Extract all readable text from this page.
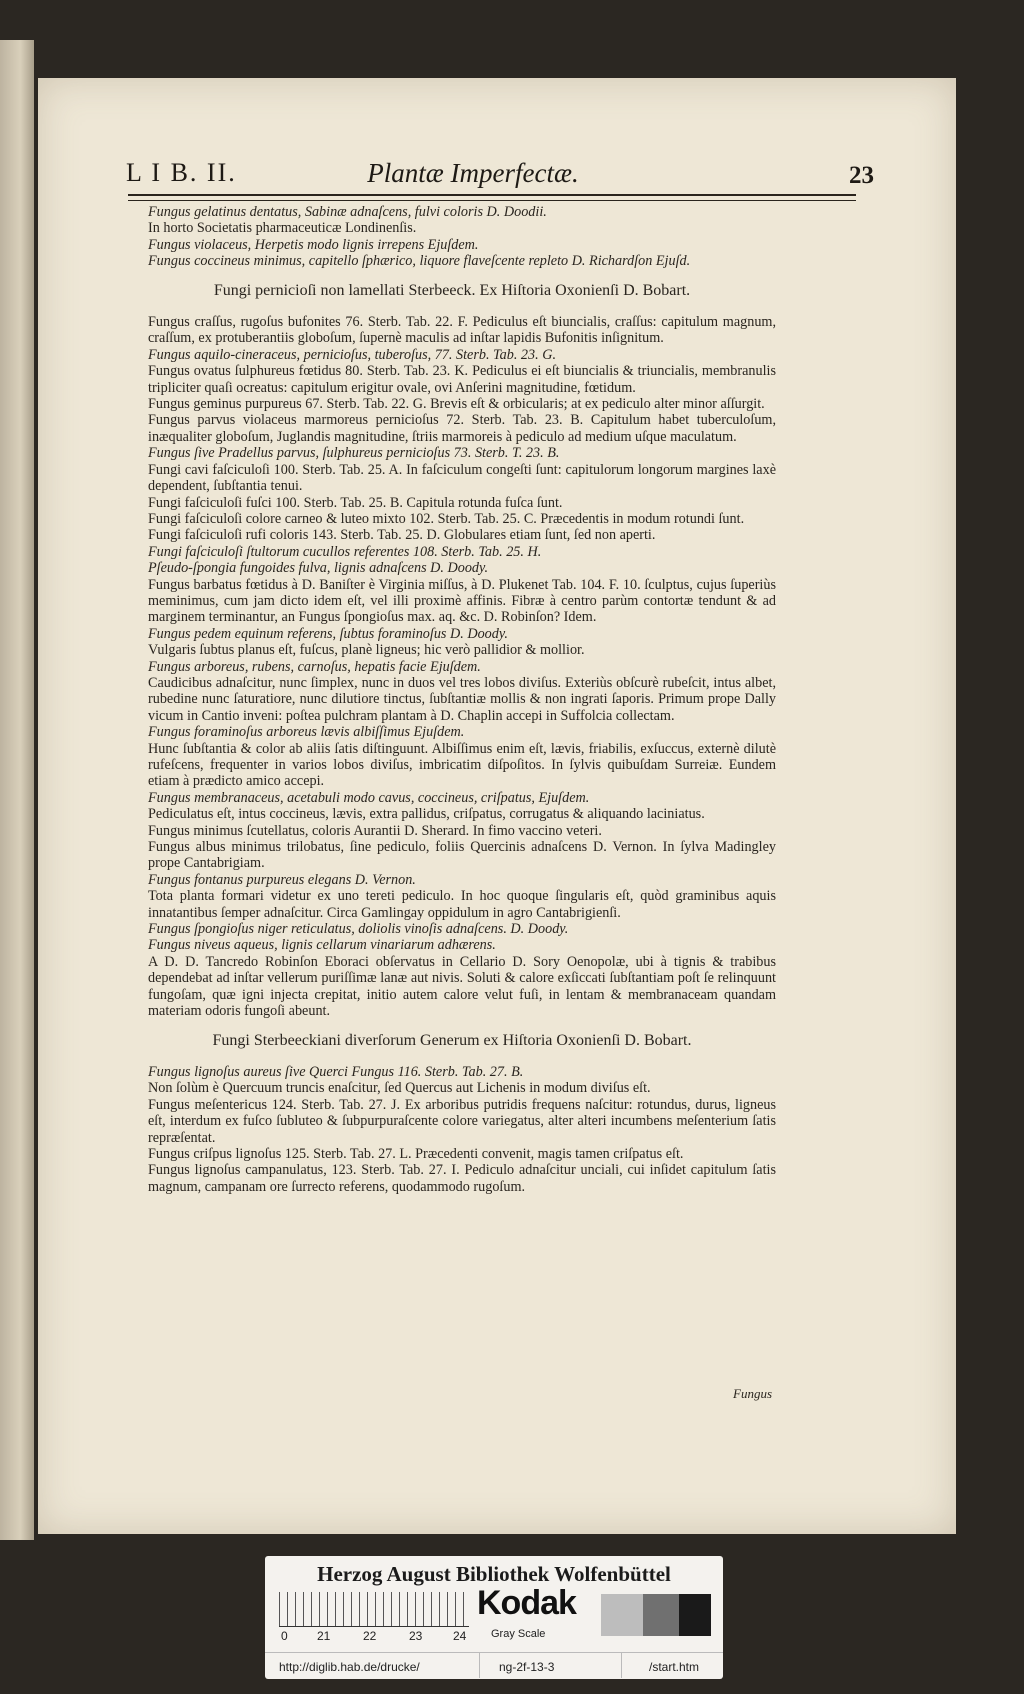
L I B. II.	Plantæ Imperfectæ.	23

Fungus gelatinus dentatus, Sabinæ adnaſcens, fulvi coloris D. Doodii.

In horto Societatis pharmaceuticæ Londinenſis.

Fungus violaceus, Herpetis modo lignis irrepens Ejuſdem.

Fungus coccineus minimus, capitello ſphærico, liquore flaveſcente repleto D. Richardſon Ejuſd.

Fungi pernicioſi non lamellati Sterbeeck. Ex Hiſtoria Oxonienſi D. Bobart.

Fungus craſſus, rugoſus bufonites 76. Sterb. Tab. 22. F. Pediculus eſt biuncialis, craſſus: capitulum magnum, craſſum, ex protuberantiis globoſum, ſupernè maculis ad inſtar lapidis Bufonitis inſignitum.

Fungus aquilo-cineraceus, pernicioſus, tuberoſus, 77. Sterb. Tab. 23. G.

Fungus ovatus ſulphureus fœtidus 80. Sterb. Tab. 23. K. Pediculus ei eſt biuncialis & triuncialis, membranulis tripliciter quaſi ocreatus: capitulum erigitur ovale, ovi Anſerini magnitudine, fœtidum.

Fungus geminus purpureus 67. Sterb. Tab. 22. G. Brevis eſt & orbicularis; at ex pediculo alter minor aſſurgit.

Fungus parvus violaceus marmoreus pernicioſus 72. Sterb. Tab. 23. B. Capitulum habet tuberculoſum, inæqualiter globoſum, Juglandis magnitudine, ſtriis marmoreis à pediculo ad medium uſque maculatum.

Fungus ſive Pradellus parvus, ſulphureus pernicioſus 73. Sterb. T. 23. B.

Fungi cavi faſciculoſi 100. Sterb. Tab. 25. A. In faſciculum congeſti ſunt: capitulorum longorum margines laxè dependent, ſubſtantia tenui.

Fungi faſciculoſi fuſci 100. Sterb. Tab. 25. B. Capitula rotunda fuſca ſunt.

Fungi faſciculoſi colore carneo & luteo mixto 102. Sterb. Tab. 25. C. Præcedentis in modum rotundi ſunt.

Fungi faſciculoſi rufi coloris 143. Sterb. Tab. 25. D. Globulares etiam ſunt, ſed non aperti.

Fungi faſciculoſi ſtultorum cucullos referentes 108. Sterb. Tab. 25. H.

Pſeudo-ſpongia fungoides fulva, lignis adnaſcens D. Doody.

Fungus barbatus fœtidus à D. Baniſter è Virginia miſſus, à D. Plukenet Tab. 104. F. 10. ſculptus, cujus ſuperiùs meminimus, cum jam dicto idem eſt, vel illi proximè affinis. Fibræ à centro parùm contortæ tendunt & ad marginem terminantur, an Fungus ſpongioſus max. aq. &c. D. Robinſon? Idem.

Fungus pedem equinum referens, ſubtus foraminoſus D. Doody.

Vulgaris ſubtus planus eſt, fuſcus, planè ligneus; hic verò pallidior & mollior.

Fungus arboreus, rubens, carnoſus, hepatis facie Ejuſdem.

Caudicibus adnaſcitur, nunc ſimplex, nunc in duos vel tres lobos diviſus. Exteriùs obſcurè rubeſcit, intus albet, rubedine nunc ſaturatiore, nunc dilutiore tinctus, ſubſtantiæ mollis & non ingrati ſaporis. Primum prope Dally vicum in Cantio inveni: poſtea pulchram plantam à D. Chaplin accepi in Suffolcia collectam.

Fungus foraminoſus arboreus lævis albiſſimus Ejuſdem.

Hunc ſubſtantia & color ab aliis ſatis diſtinguunt. Albiſſimus enim eſt, lævis, friabilis, exſuccus, externè dilutè rufeſcens, frequenter in varios lobos diviſus, imbricatim diſpoſitos. In ſylvis quibuſdam Surreiæ. Eundem etiam à prædicto amico accepi.

Fungus membranaceus, acetabuli modo cavus, coccineus, criſpatus, Ejuſdem.

Pediculatus eſt, intus coccineus, lævis, extra pallidus, criſpatus, corrugatus & aliquando laciniatus.

Fungus minimus ſcutellatus, coloris Aurantii D. Sherard. In fimo vaccino veteri.

Fungus albus minimus trilobatus, ſine pediculo, foliis Quercinis adnaſcens D. Vernon. In ſylva Madingley prope Cantabrigiam.

Fungus fontanus purpureus elegans D. Vernon.

Tota planta formari videtur ex uno tereti pediculo. In hoc quoque ſingularis eſt, quòd graminibus aquis innatantibus ſemper adnaſcitur. Circa Gamlingay oppidulum in agro Cantabrigienſi.

Fungus ſpongioſus niger reticulatus, doliolis vinoſis adnaſcens. D. Doody.

Fungus niveus aqueus, lignis cellarum vinariarum adhærens.

A D. D. Tancredo Robinſon Eboraci obſervatus in Cellario D. Sory Oenopolæ, ubi à tignis & trabibus dependebat ad inſtar vellerum puriſſimæ lanæ aut nivis. Soluti & calore exſiccati ſubſtantiam poſt ſe relinquunt fungoſam, quæ igni injecta crepitat, initio autem calore velut fuſi, in lentam & membranaceam quandam materiam odoris fungoſi abeunt.

Fungi Sterbeeckiani diverſorum Generum ex Hiſtoria Oxonienſi D. Bobart.

Fungus lignoſus aureus ſive Querci Fungus 116. Sterb. Tab. 27. B.

Non ſolùm è Quercuum truncis enaſcitur, ſed Quercus aut Lichenis in modum diviſus eſt.

Fungus meſentericus 124. Sterb. Tab. 27. J. Ex arboribus putridis frequens naſcitur: rotundus, durus, ligneus eſt, interdum ex fuſco ſubluteo & ſubpurpuraſcente colore variegatus, alter alteri incumbens meſenterium ſatis repræſentat.

Fungus criſpus lignoſus 125. Sterb. Tab. 27. L. Præcedenti convenit, magis tamen criſpatus eſt.

Fungus lignoſus campanulatus, 123. Sterb. Tab. 27. I. Pediculo adnaſcitur unciali, cui inſidet capitulum ſatis magnum, campanam ore ſurrecto referens, quodammodo rugoſum.

Fungus
Herzog August Bibliothek Wolfenbüttel
0 21	22	23	24
Kodak
Gray Scale
http://diglib.hab.de/drucke/	ng-2f-13-3	/start.htm
